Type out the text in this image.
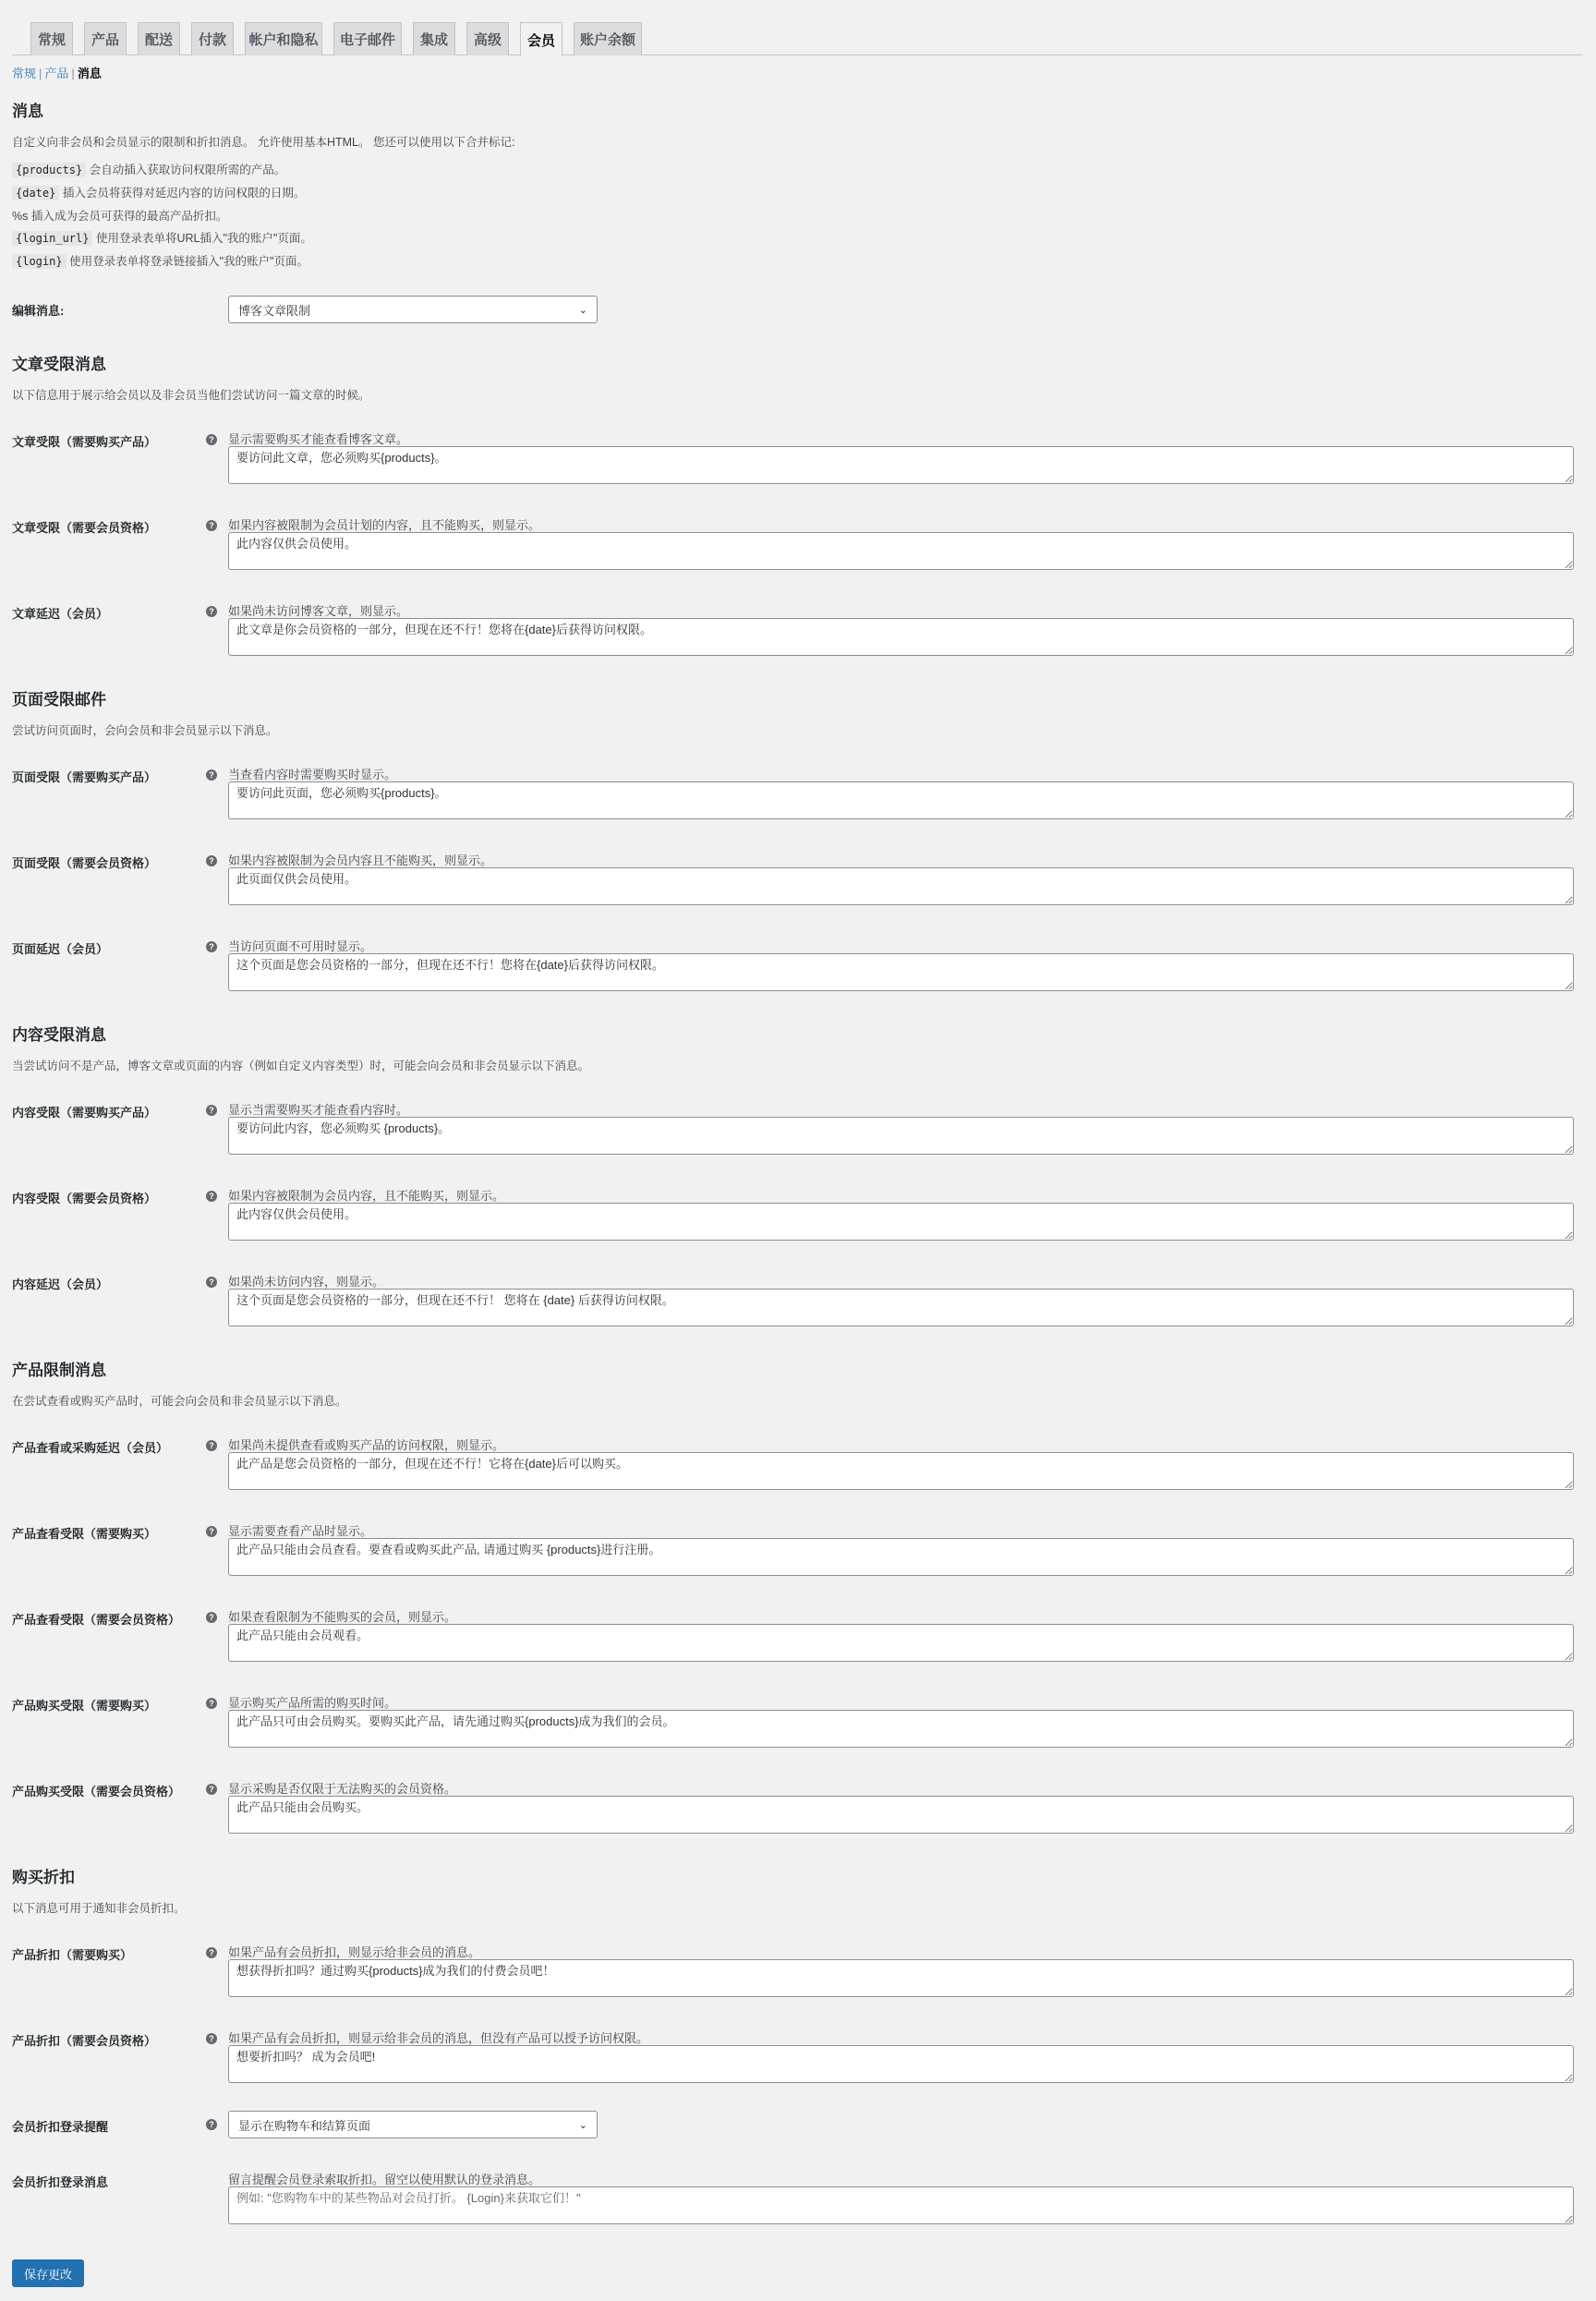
常规	产品	配送	付款	帐户和隐私	电子邮件	集成	高级	会员	账户余额
常规 | 产品 | 消息
消息
自定义向非会员和会员显示的限制和折扣消息。 允许使用基本HTML。 您还可以使用以下合并标记:
{products} 会自动插入获取访问权限所需的产品。
{date} 插入会员将获得对延迟内容的访问权限的日期。
%s 插入成为会员可获得的最高产品折扣。
{login_url} 使用登录表单将URL插入"我的账户"页面。
{login} 使用登录表单将登录链接插入"我的账户"页面。
编辑消息:	博客文章限制	⌄
文章受限消息
以下信息用于展示给会员以及非会员当他们尝试访问一篇文章的时候。
文章受限（需要购买产品）	? 显示需要购买才能查看博客文章。
要访问此文章，您必须购买{products}。
文章受限（需要会员资格）	? 如果内容被限制为会员计划的内容，且不能购买，则显示。
此内容仅供会员使用。
文章延迟（会员）	? 如果尚未访问博客文章，则显示。
此文章是你会员资格的一部分，但现在还不行！您将在{date}后获得访问权限。
页面受限邮件
尝试访问页面时，会向会员和非会员显示以下消息。
页面受限（需要购买产品）	? 当查看内容时需要购买时显示。
要访问此页面，您必须购买{products}。
页面受限（需要会员资格）	? 如果内容被限制为会员内容且不能购买，则显示。
此页面仅供会员使用。
页面延迟（会员）	? 当访问页面不可用时显示。
这个页面是您会员资格的一部分，但现在还不行！您将在{date}后获得访问权限。
内容受限消息
当尝试访问不是产品，博客文章或页面的内容（例如自定义内容类型）时，可能会向会员和非会员显示以下消息。
内容受限（需要购买产品）	? 显示当需要购买才能查看内容时。
要访问此内容，您必须购买 {products}。
内容受限（需要会员资格）	? 如果内容被限制为会员内容，且不能购买，则显示。
此内容仅供会员使用。
内容延迟（会员）	? 如果尚未访问内容，则显示。
这个页面是您会员资格的一部分，但现在还不行！ 您将在 {date} 后获得访问权限。
产品限制消息
在尝试查看或购买产品时，可能会向会员和非会员显示以下消息。
产品查看或采购延迟（会员）	? 如果尚未提供查看或购买产品的访问权限，则显示。
此产品是您会员资格的一部分，但现在还不行！它将在{date}后可以购买。
产品查看受限（需要购买）	? 显示需要查看产品时显示。
此产品只能由会员查看。要查看或购买此产品, 请通过购买 {products}进行注册。
产品查看受限（需要会员资格）	? 如果查看限制为不能购买的会员，则显示。
此产品只能由会员观看。
产品购买受限（需要购买）	? 显示购买产品所需的购买时间。
此产品只可由会员购买。要购买此产品，请先通过购买{products}成为我们的会员。
产品购买受限（需要会员资格）	? 显示采购是否仅限于无法购买的会员资格。
此产品只能由会员购买。
购买折扣
以下消息可用于通知非会员折扣。
产品折扣（需要购买）	? 如果产品有会员折扣，则显示给非会员的消息。
想获得折扣吗？通过购买{products}成为我们的付费会员吧！
产品折扣（需要会员资格）	? 如果产品有会员折扣，则显示给非会员的消息，但没有产品可以授予访问权限。
想要折扣吗？ 成为会员吧!
会员折扣登录提醒	? 显示在购物车和结算页面	⌄
会员折扣登录消息	留言提醒会员登录索取折扣。留空以使用默认的登录消息。
例如: "您购物车中的某些物品对会员打折。 {Login}来获取它们！"
保存更改
